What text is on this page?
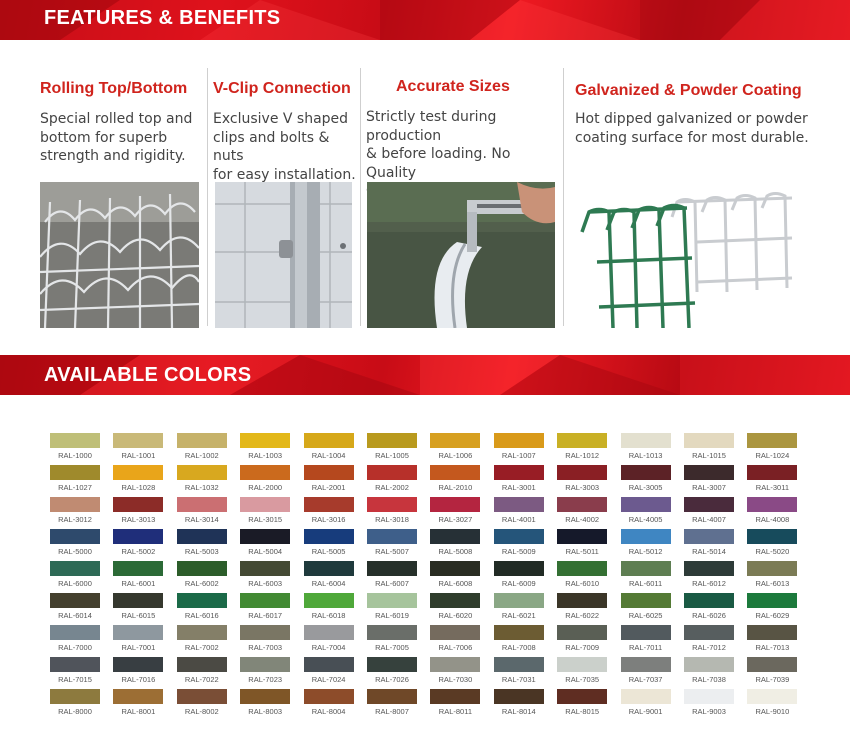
FEATURES & BENEFITS
Rolling Top/Bottom

Special rolled top and
bottom for superb
strength and rigidity.

V-Clip Connection

Exclusive V shaped
clips and bolts & nuts
for easy installation.

Accurate Sizes

Strictly test during production
& before loading. No Quality

Galvanized & Powder Coating

Hot dipped galvanized or powder
coating surface for most durable.

AVAILABLE COLORS
RAL-1000	RAL-1001	RAL-1002	RAL-1003	RAL-1004	RAL-1005	RAL-1006	RAL-1007	RAL-1012	RAL-1013	RAL-1015	RAL-1024
RAL-1027	RAL-1028	RAL-1032	RAL-2000	RAL-2001	RAL-2002	RAL-2010	RAL-3001	RAL-3003	RAL-3005	RAL-3007	RAL-3011
RAL-3012	RAL-3013	RAL-3014	RAL-3015	RAL-3016	RAL-3018	RAL-3027	RAL-4001	RAL-4002	RAL-4005	RAL-4007	RAL-4008
RAL-5000	RAL-5002	RAL-5003	RAL-5004	RAL-5005	RAL-5007	RAL-5008	RAL-5009	RAL-5011	RAL-5012	RAL-5014	RAL-5020
RAL-6000	RAL-6001	RAL-6002	RAL-6003	RAL-6004	RAL-6007	RAL-6008	RAL-6009	RAL-6010	RAL-6011	RAL-6012	RAL-6013
RAL-6014	RAL-6015	RAL-6016	RAL-6017	RAL-6018	RAL-6019	RAL-6020	RAL-6021	RAL-6022	RAL-6025	RAL-6026	RAL-6029
RAL-7000	RAL-7001	RAL-7002	RAL-7003	RAL-7004	RAL-7005	RAL-7006	RAL-7008	RAL-7009	RAL-7011	RAL-7012	RAL-7013
RAL-7015	RAL-7016	RAL-7022	RAL-7023	RAL-7024	RAL-7026	RAL-7030	RAL-7031	RAL-7035	RAL-7037	RAL-7038	RAL-7039
RAL-8000	RAL-8001	RAL-8002	RAL-8003	RAL-8004	RAL-8007	RAL-8011	RAL-8014	RAL-8015	RAL-9001	RAL-9003	RAL-9010
